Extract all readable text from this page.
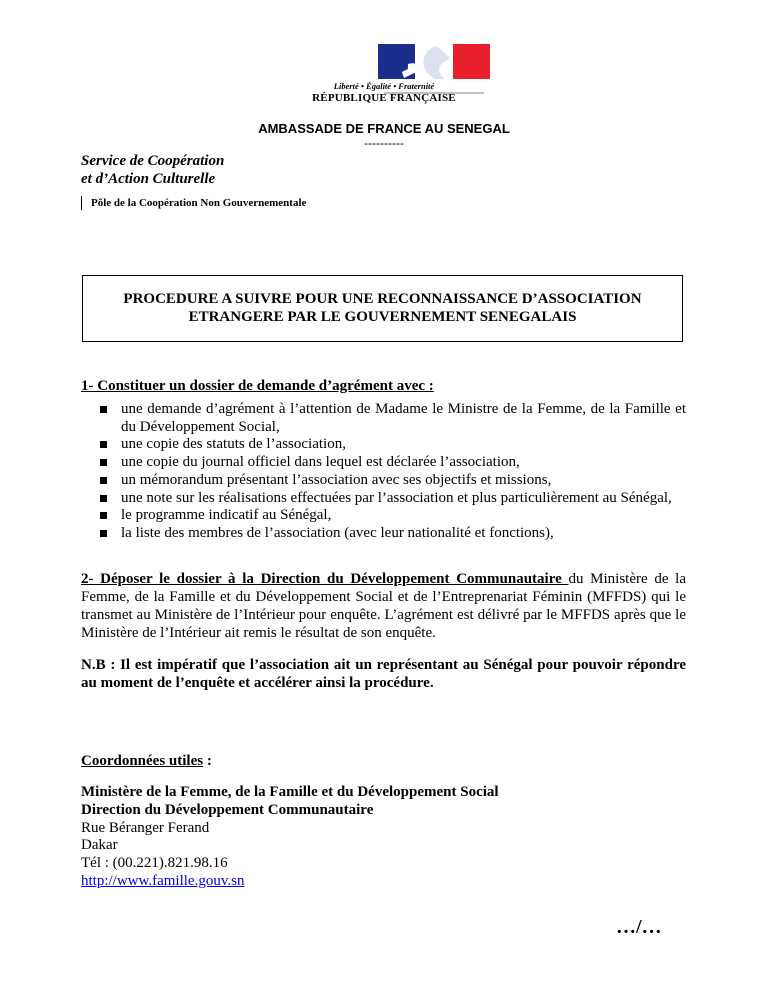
Liberté • Égalité • Fraternité
RÉPUBLIQUE FRANÇAISE
AMBASSADE DE FRANCE AU SENEGAL
----------
Service de Coopération
et d’Action Culturelle
Pôle de la Coopération Non Gouvernementale
PROCEDURE A SUIVRE POUR UNE RECONNAISSANCE D’ASSOCIATION
ETRANGERE PAR LE GOUVERNEMENT SENEGALAIS
1- Constituer un dossier de demande d’agrément avec :
une demande d’agrément à l’attention de Madame le Ministre de la Femme, de la Famille et du Développement Social,
une copie des statuts de l’association,
une copie du journal officiel dans lequel est déclarée l’association,
un mémorandum présentant l’association avec ses objectifs et missions,
une note sur les réalisations effectuées par l’association et plus particulièrement au Sénégal,
le programme indicatif au Sénégal,
la liste des membres de l’association (avec leur nationalité et fonctions),
2- Déposer le dossier à la Direction du Développement Communautaire du Ministère de la Femme, de la Famille et du Développement Social et de l’Entreprenariat Féminin (MFFDS) qui le transmet au Ministère de l’Intérieur pour enquête. L’agrément est délivré par le MFFDS après que le Ministère de l’Intérieur ait remis le résultat de son enquête.
N.B : Il est impératif que l’association ait un représentant au Sénégal pour pouvoir répondre au moment de l’enquête et accélérer ainsi la procédure.
Coordonnées utiles :
Ministère de la Femme, de la Famille et du Développement Social
Direction du Développement Communautaire
Rue Béranger Ferand
Dakar
Tél : (00.221).821.98.16
http://www.famille.gouv.sn
…/…
